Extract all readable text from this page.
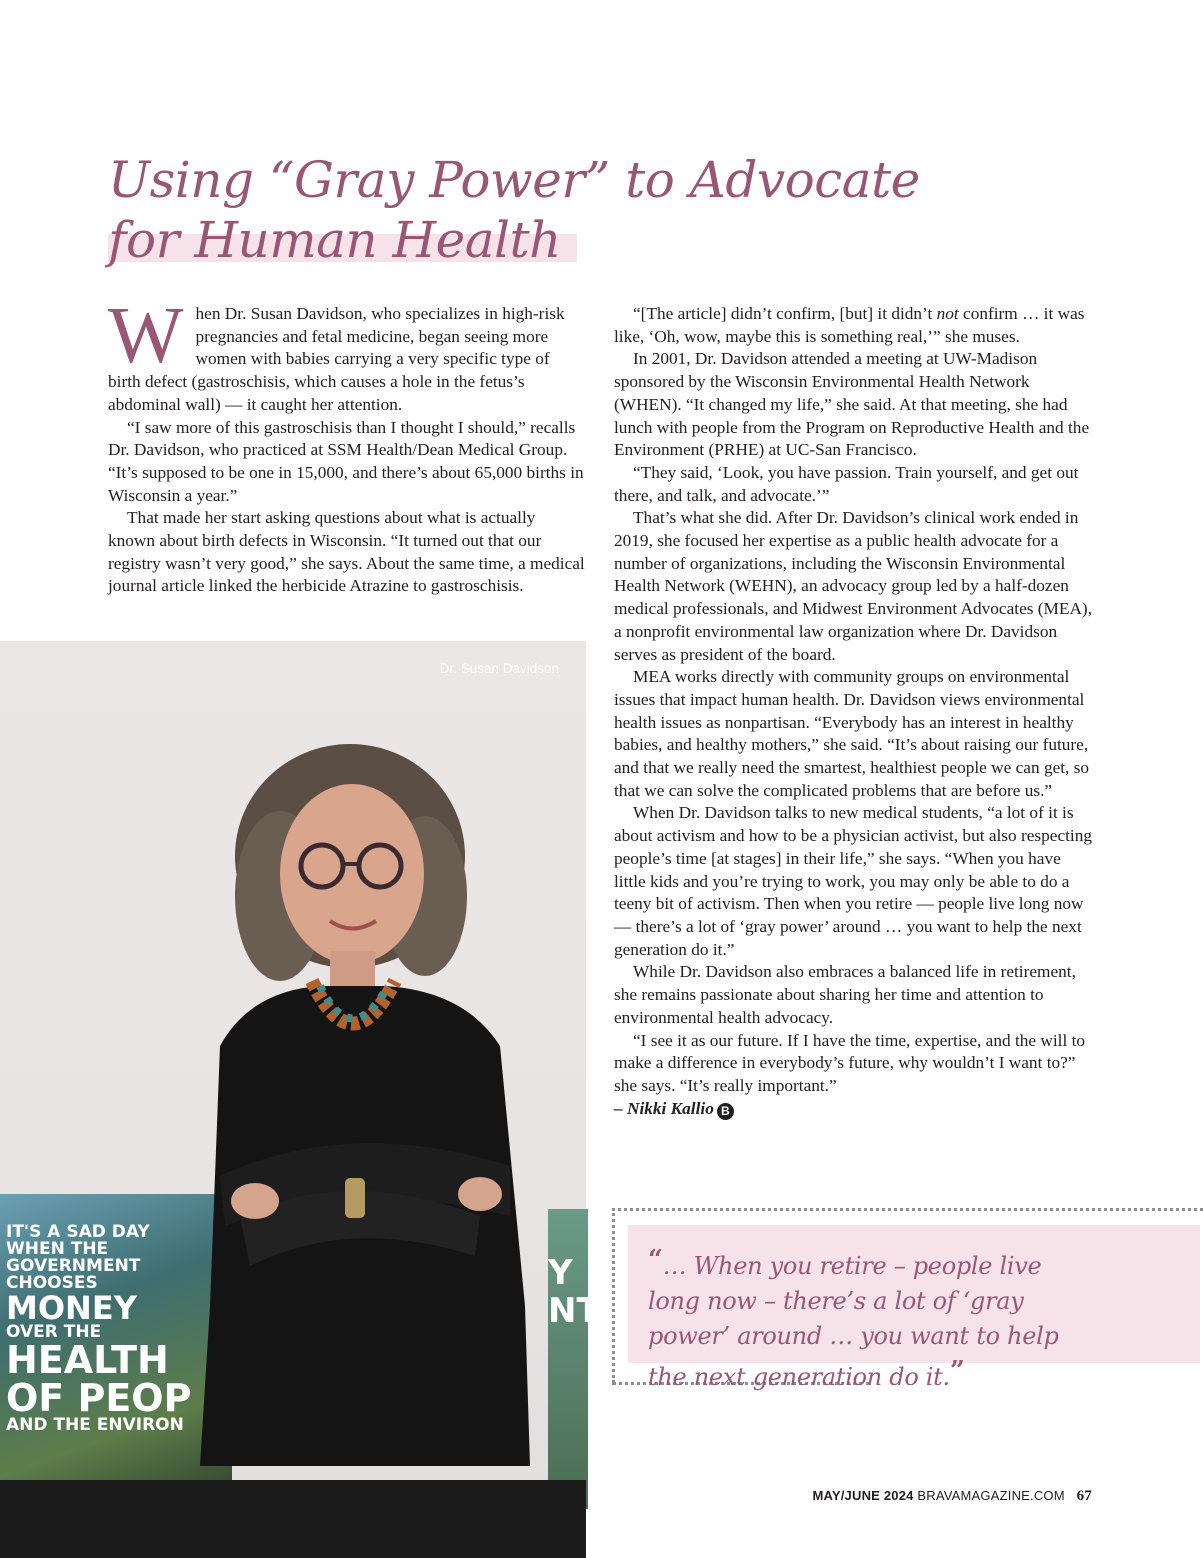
Using “Gray Power” to Advocate
for Human Health

When Dr. Susan Davidson, who specializes in high-risk pregnancies and fetal medicine, began seeing more women with babies carrying a very specific type of birth defect (gastroschisis, which causes a hole in the fetus’s abdominal wall) — it caught her attention.

“I saw more of this gastroschisis than I thought I should,” recalls Dr. Davidson, who practiced at SSM Health/Dean Medical Group. “It’s supposed to be one in 15,000, and there’s about 65,000 births in Wisconsin a year.”

That made her start asking questions about what is actually known about birth defects in Wisconsin. “It turned out that our registry wasn’t very good,” she says. About the same time, a medical journal article linked the herbicide Atrazine to gastroschisis.

“[The article] didn’t confirm, [but] it didn’t not confirm … it was like, ‘Oh, wow, maybe this is something real,’” she muses.

In 2001, Dr. Davidson attended a meeting at UW-Madison sponsored by the Wisconsin Environmental Health Network (WHEN). “It changed my life,” she said. At that meeting, she had lunch with people from the Program on Reproductive Health and the Environment (PRHE) at UC-San Francisco.

“They said, ‘Look, you have passion. Train yourself, and get out there, and talk, and advocate.’”

That’s what she did. After Dr. Davidson’s clinical work ended in 2019, she focused her expertise as a public health advocate for a number of organizations, including the Wisconsin Environmental Health Network (WEHN), an advocacy group led by a half-dozen medical professionals, and Midwest Environment Advocates (MEA), a nonprofit environmental law organization where Dr. Davidson serves as president of the board.

MEA works directly with community groups on environmental issues that impact human health. Dr. Davidson views environmental health issues as nonpartisan. “Everybody has an interest in healthy babies, and healthy mothers,” she said. “It’s about raising our future, and that we really need the smartest, healthiest people we can get, so that we can solve the complicated problems that are before us.”

When Dr. Davidson talks to new medical students, “a lot of it is about activism and how to be a physician activist, but also respecting people’s time [at stages] in their life,” she says. “When you have little kids and you’re trying to work, you may only be able to do a teeny bit of activism. Then when you retire — people live long now — there’s a lot of ‘gray power’ around … you want to help the next generation do it.”

While Dr. Davidson also embraces a balanced life in retirement, she remains passionate about sharing her time and attention to environmental health advocacy.

“I see it as our future. If I have the time, expertise, and the will to make a difference in everybody’s future, why wouldn’t I want to?” she says. “It’s really important.”

– Nikki Kallio B

IT'S A SAD DAY
WHEN THE
GOVERNMENT
CHOOSES
MONEY
OVER THE
HEALTH
OF PEOP
AND THE ENVIRON
Y
NT
Dr. Susan Davidson

“… When you retire – people live long now – there’s a lot of ‘gray power’ around … you want to help the next generation do it.”

MAY/JUNE 2024 BRAVAMAGAZINE.COM 67
